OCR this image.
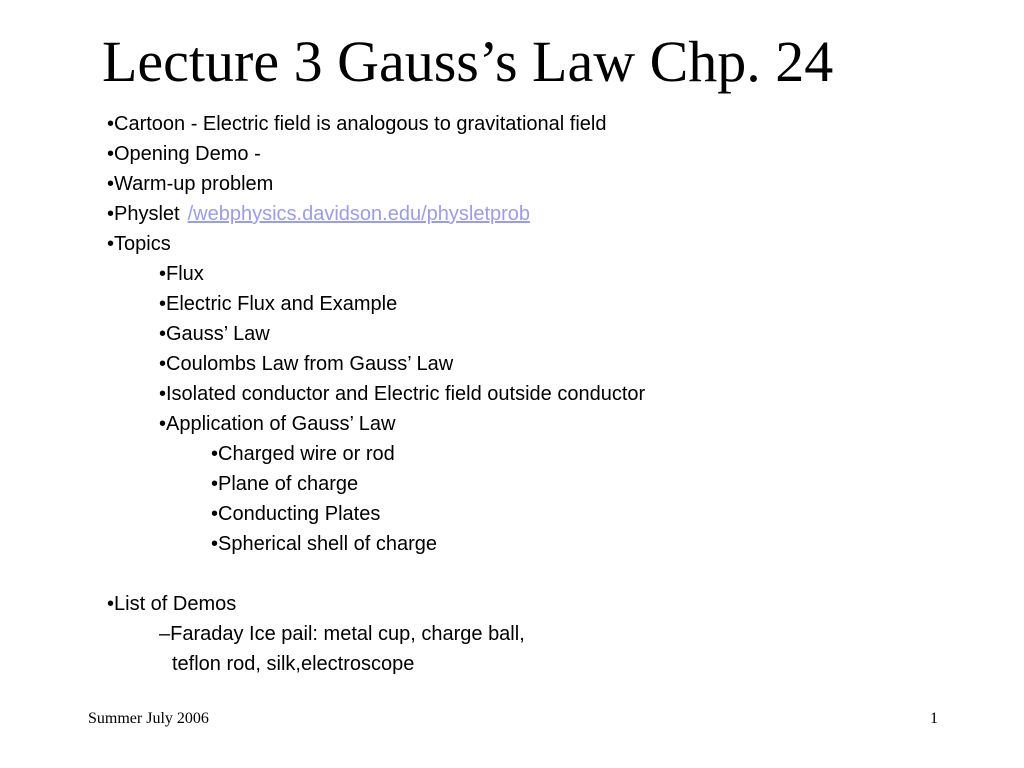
Lecture 3 Gauss’s Law Chp. 24
•Cartoon - Electric field is analogous to gravitational field
•Opening Demo -
•Warm-up problem
•Physlet /webphysics.davidson.edu/physletprob
•Topics
•Flux
•Electric Flux and Example
•Gauss’ Law
•Coulombs Law from Gauss’ Law
•Isolated conductor and Electric field outside conductor
•Application of Gauss’ Law
•Charged wire or rod
•Plane of charge
•Conducting Plates
•Spherical shell of charge
•List of Demos
–Faraday Ice pail: metal cup, charge ball,
teflon rod, silk,electroscope
Summer July 2006	1
